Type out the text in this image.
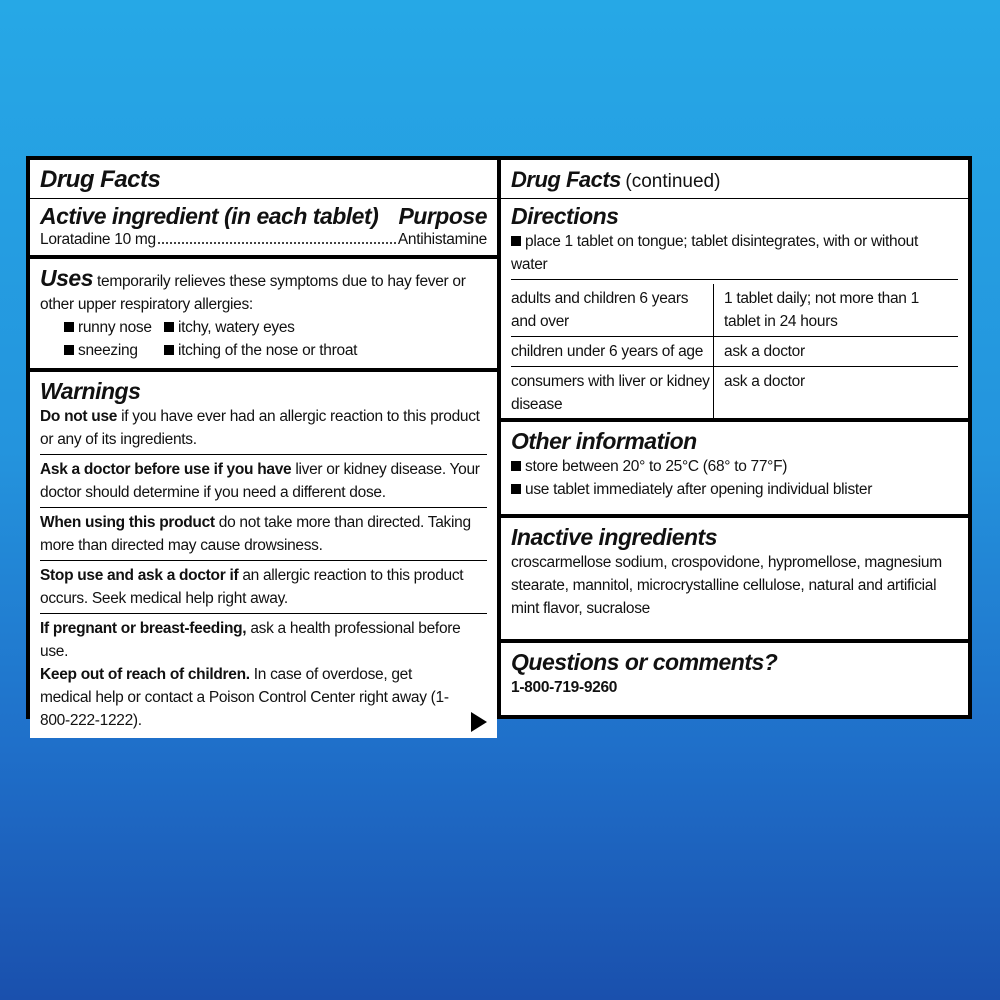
Drug Facts
Active ingredient (in each tablet) Purpose
Loratadine 10 mg	Antihistamine
Uses temporarily relieves these symptoms due to hay fever or other upper respiratory allergies:
runny nose	itchy, watery eyes
sneezing	itching of the nose or throat
Warnings
Do not use if you have ever had an allergic reaction to this product or any of its ingredients.
Ask a doctor before use if you have liver or kidney disease. Your doctor should determine if you need a different dose.
When using this product do not take more than directed. Taking more than directed may cause drowsiness.
Stop use and ask a doctor if an allergic reaction to this product occurs. Seek medical help right away.
If pregnant or breast-feeding, ask a health professional before use.
Keep out of reach of children. In case of overdose, get medical help or contact a Poison Control Center right away (1-800-222-1222).
Drug Facts (continued)
Directions
place 1 tablet on tongue; tablet disintegrates, with or without water
adults and children 6 years and over	1 tablet daily; not more than 1 tablet in 24 hours
children under 6 years of age	ask a doctor
consumers with liver or kidney disease	ask a doctor
Other information
store between 20° to 25°C (68° to 77°F)
use tablet immediately after opening individual blister
Inactive ingredients
croscarmellose sodium, crospovidone, hypromellose, magnesium stearate, mannitol, microcrystalline cellulose, natural and artificial mint flavor, sucralose
Questions or comments?
1-800-719-9260
